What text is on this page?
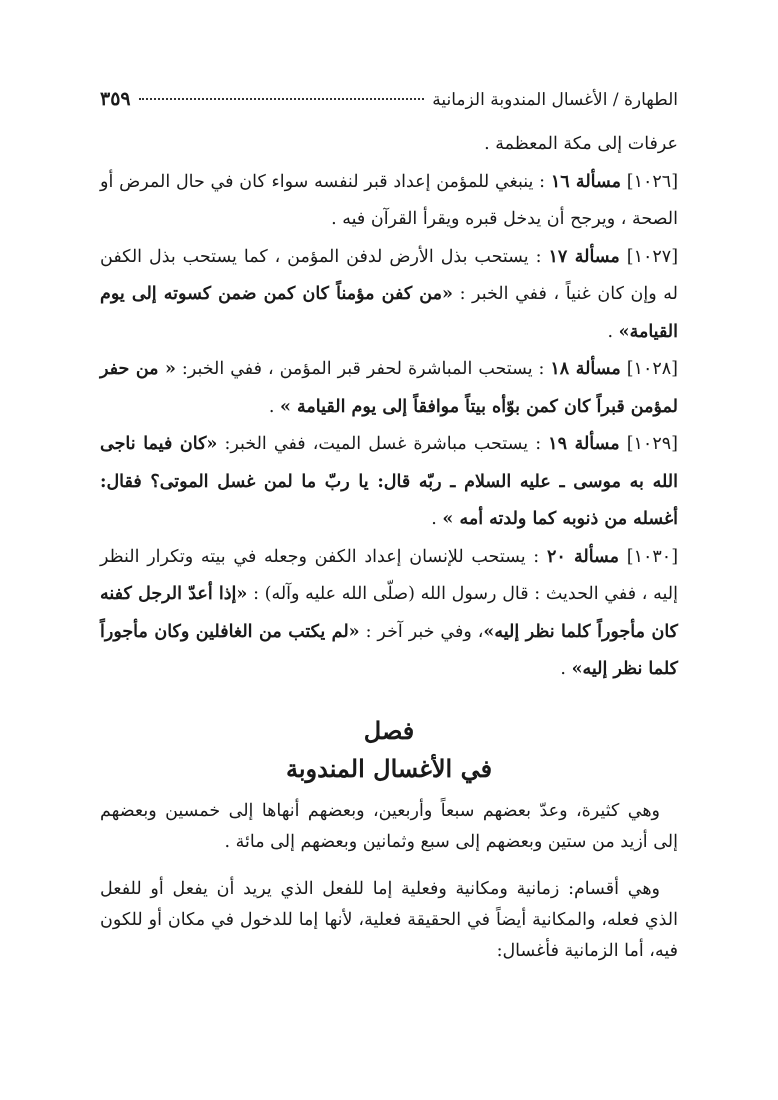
الطهارة / الأغسال المندوبة الزمانية
٣٥٩

عرفات إلى مكة المعظمة .

[١٠٢٦] مسألة ١٦ : ينبغي للمؤمن إعداد قبر لنفسه سواء كان في حال المرض أو الصحة ، ويرجح أن يدخل قبره ويقرأ القرآن فيه .

[١٠٢٧] مسألة ١٧ : يستحب بذل الأرض لدفن المؤمن ، كما يستحب بذل الكفن له وإن كان غنياً ، ففي الخبر : «من كفن مؤمناً كان كمن ضمن كسوته إلى يوم القيامة» .

[١٠٢٨] مسألة ١٨ : يستحب المباشرة لحفر قبر المؤمن ، ففي الخبر: « من حفر لمؤمن قبراً كان كمن بوّأه بيتاً موافقاً إلى يوم القيامة » .

[١٠٢٩] مسألة ١٩ : يستحب مباشرة غسل الميت، ففي الخبر: «كان فيما ناجى الله به موسى ـ عليه السلام ـ ربّه قال: يا ربّ ما لمن غسل الموتى؟ فقال: أغسله من ذنوبه كما ولدته أمه » .

[١٠٣٠] مسألة ٢٠ : يستحب للإنسان إعداد الكفن وجعله في بيته وتكرار النظر إليه ، ففي الحديث : قال رسول الله (صلّى الله عليه وآله) : «إذا أعدّ الرجل كفنه كان مأجوراً كلما نظر إليه»، وفي خبر آخر : «لم يكتب من الغافلين وكان مأجوراً كلما نظر إليه» .

فصل
في الأغسال المندوبة

وهي كثيرة، وعدّ بعضهم سبعاً وأربعين، وبعضهم أنهاها إلى خمسين وبعضهم إلى أزيد من ستين وبعضهم إلى سبع وثمانين وبعضهم إلى مائة .

وهي أقسام: زمانية ومكانية وفعلية إما للفعل الذي يريد أن يفعل أو للفعل الذي فعله، والمكانية أيضاً في الحقيقة فعلية، لأنها إما للدخول في مكان أو للكون فيه، أما الزمانية فأغسال:
